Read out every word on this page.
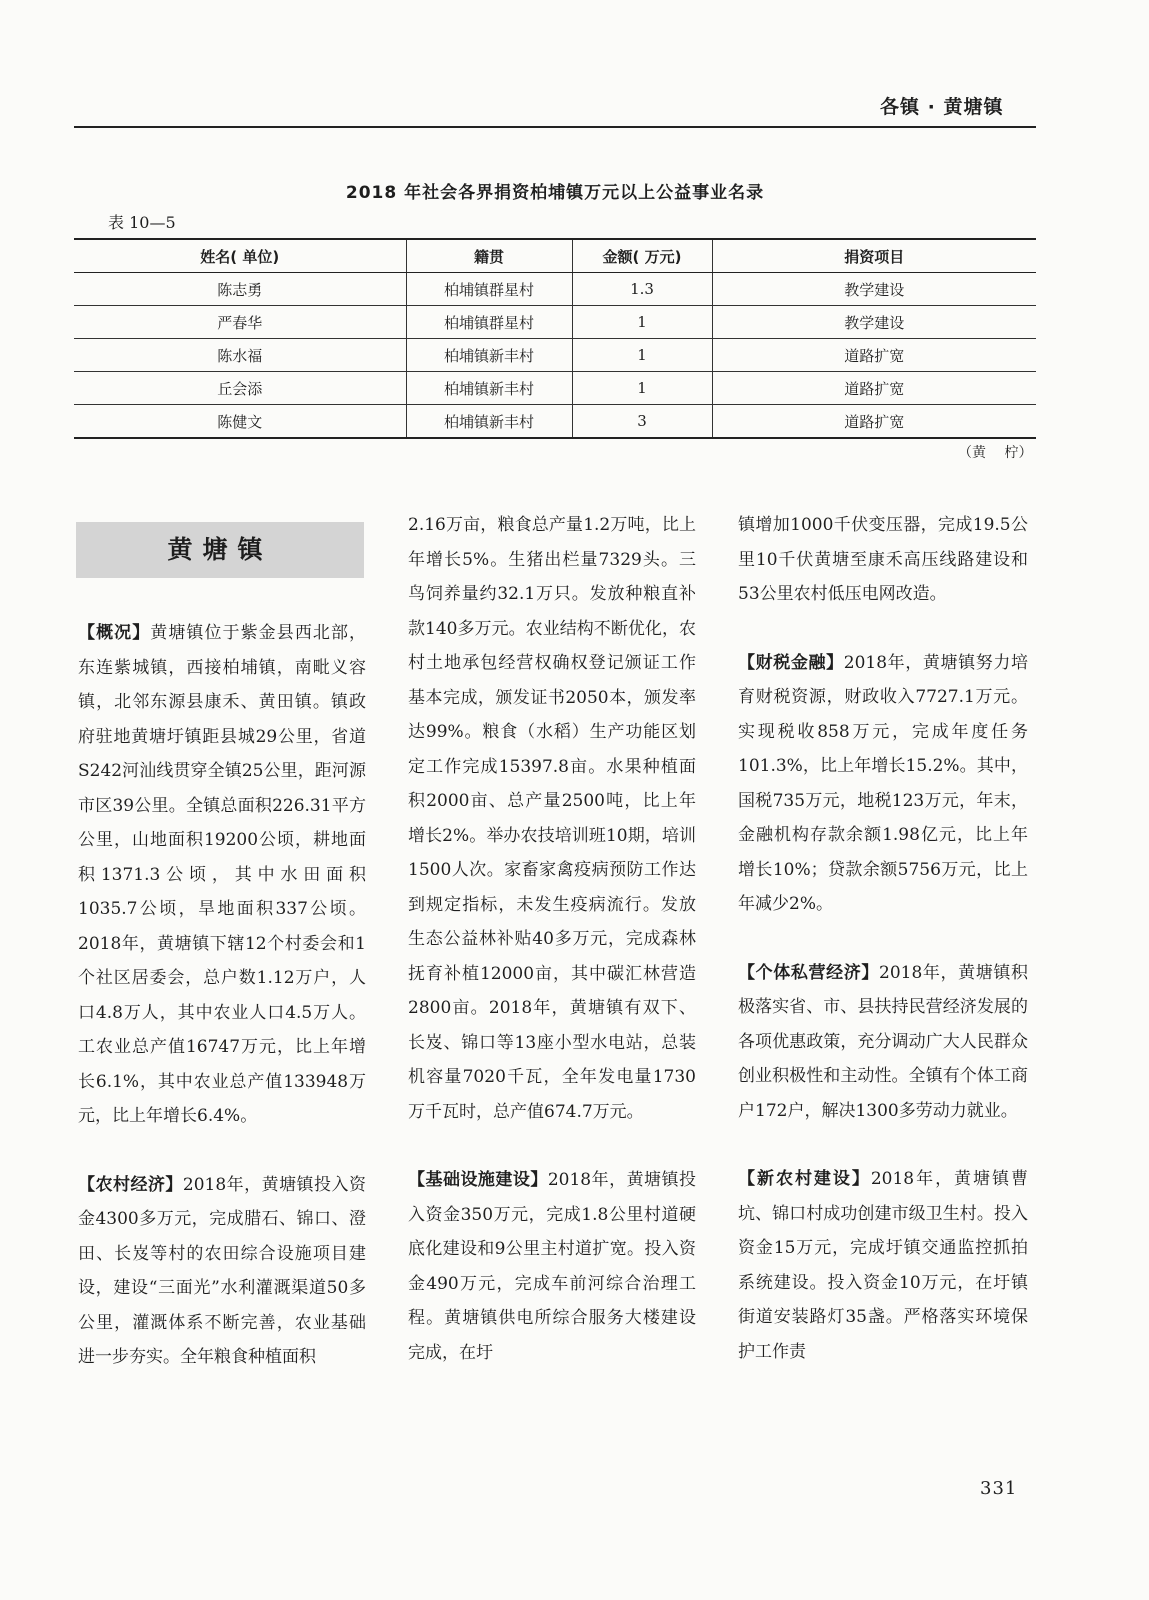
各镇 · 黄塘镇
2018 年社会各界捐资柏埔镇万元以上公益事业名录
表 10—5
姓名( 单位)	籍贯	金额( 万元)	捐资项目
陈志勇	柏埔镇群星村	1.3	教学建设
严春华	柏埔镇群星村	1	教学建设
陈水福	柏埔镇新丰村	1	道路扩宽
丘会添	柏埔镇新丰村	1	道路扩宽
陈健文	柏埔镇新丰村	3	道路扩宽
（黄　 柠）
黄塘镇

【概况】黄塘镇位于紫金县西北部，东连紫城镇，西接柏埔镇，南毗义容镇，北邻东源县康禾、黄田镇。镇政府驻地黄塘圩镇距县城29公里，省道S242河汕线贯穿全镇25公里，距河源市区39公里。全镇总面积226.31平方公里，山地面积19200公顷，耕地面积1371.3公顷，其中水田面积1035.7公顷，旱地面积337公顷。2018年，黄塘镇下辖12个村委会和1个社区居委会，总户数1.12万户，人口4.8万人，其中农业人口4.5万人。工农业总产值16747万元，比上年增长6.1%，其中农业总产值133948万元，比上年增长6.4%。

【农村经济】2018年，黄塘镇投入资金4300多万元，完成腊石、锦口、澄田、长岌等村的农田综合设施项目建设，建设“三面光”水利灌溉渠道50多公里，灌溉体系不断完善，农业基础进一步夯实。全年粮食种植面积

2.16万亩，粮食总产量1.2万吨，比上年增长5%。生猪出栏量7329头。三鸟饲养量约32.1万只。发放种粮直补款140多万元。农业结构不断优化，农村土地承包经营权确权登记颁证工作基本完成，颁发证书2050本，颁发率达99%。粮食（水稻）生产功能区划定工作完成15397.8亩。水果种植面积2000亩、总产量2500吨，比上年增长2%。举办农技培训班10期，培训1500人次。家畜家禽疫病预防工作达到规定指标，未发生疫病流行。发放生态公益林补贴40多万元，完成森林抚育补植12000亩，其中碳汇林营造2800亩。2018年，黄塘镇有双下、长岌、锦口等13座小型水电站，总装机容量7020千瓦，全年发电量1730万千瓦时，总产值674.7万元。

【基础设施建设】2018年，黄塘镇投入资金350万元，完成1.8公里村道硬底化建设和9公里主村道扩宽。投入资金490万元，完成车前河综合治理工程。黄塘镇供电所综合服务大楼建设完成，在圩

镇增加1000千伏变压器，完成19.5公里10千伏黄塘至康禾高压线路建设和53公里农村低压电网改造。

【财税金融】2018年，黄塘镇努力培育财税资源，财政收入7727.1万元。实现税收858万元，完成年度任务101.3%，比上年增长15.2%。其中，国税735万元，地税123万元，年末，金融机构存款余额1.98亿元，比上年增长10%；贷款余额5756万元，比上年减少2%。

【个体私营经济】2018年，黄塘镇积极落实省、市、县扶持民营经济发展的各项优惠政策，充分调动广大人民群众创业积极性和主动性。全镇有个体工商户172户，解决1300多劳动力就业。

【新农村建设】2018年，黄塘镇曹坑、锦口村成功创建市级卫生村。投入资金15万元，完成圩镇交通监控抓拍系统建设。投入资金10万元，在圩镇街道安装路灯35盏。严格落实环境保护工作责

331
